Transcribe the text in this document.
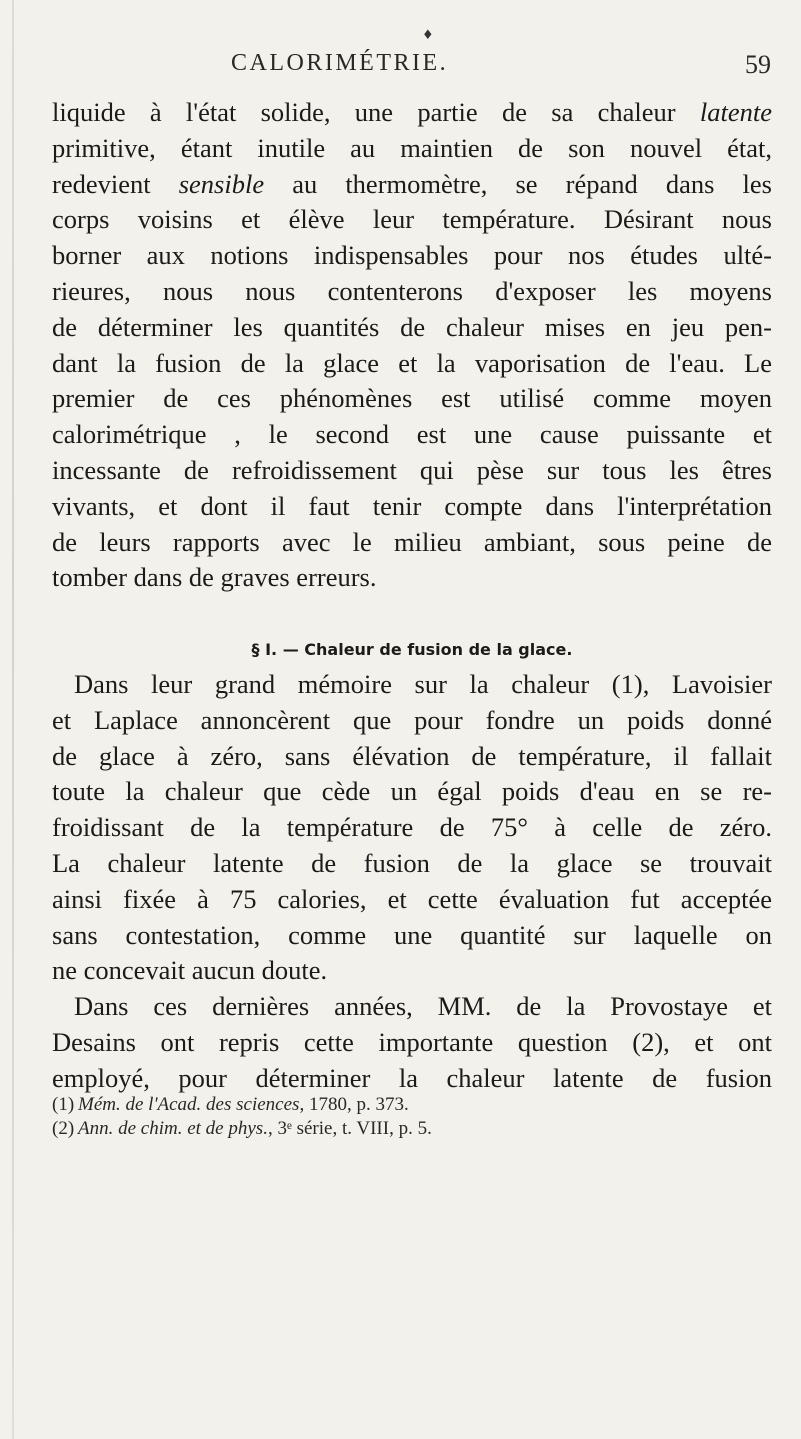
♦
CALORIMÉTRIE.	59
liquide à l'état solide, une partie de sa chaleur latente
primitive, étant inutile au maintien de son nouvel état,
redevient sensible au thermomètre, se répand dans les
corps voisins et élève leur température. Désirant nous
borner aux notions indispensables pour nos études ulté-
rieures, nous nous contenterons d'exposer les moyens
de déterminer les quantités de chaleur mises en jeu pen-
dant la fusion de la glace et la vaporisation de l'eau. Le
premier de ces phénomènes est utilisé comme moyen
calorimétrique , le second est une cause puissante et
incessante de refroidissement qui pèse sur tous les êtres
vivants, et dont il faut tenir compte dans l'interprétation
de leurs rapports avec le milieu ambiant, sous peine de
tomber dans de graves erreurs.
§ I. — Chaleur de fusion de la glace.
Dans leur grand mémoire sur la chaleur (1), Lavoisier
et Laplace annoncèrent que pour fondre un poids donné
de glace à zéro, sans élévation de température, il fallait
toute la chaleur que cède un égal poids d'eau en se re-
froidissant de la température de 75° à celle de zéro.
La chaleur latente de fusion de la glace se trouvait
ainsi fixée à 75 calories, et cette évaluation fut acceptée
sans contestation, comme une quantité sur laquelle on
ne concevait aucun doute.
Dans ces dernières années, MM. de la Provostaye et
Desains ont repris cette importante question (2), et ont
employé, pour déterminer la chaleur latente de fusion
(1) Mém. de l'Acad. des sciences, 1780, p. 373.
(2) Ann. de chim. et de phys., 3ᵉ série, t. VIII, p. 5.
